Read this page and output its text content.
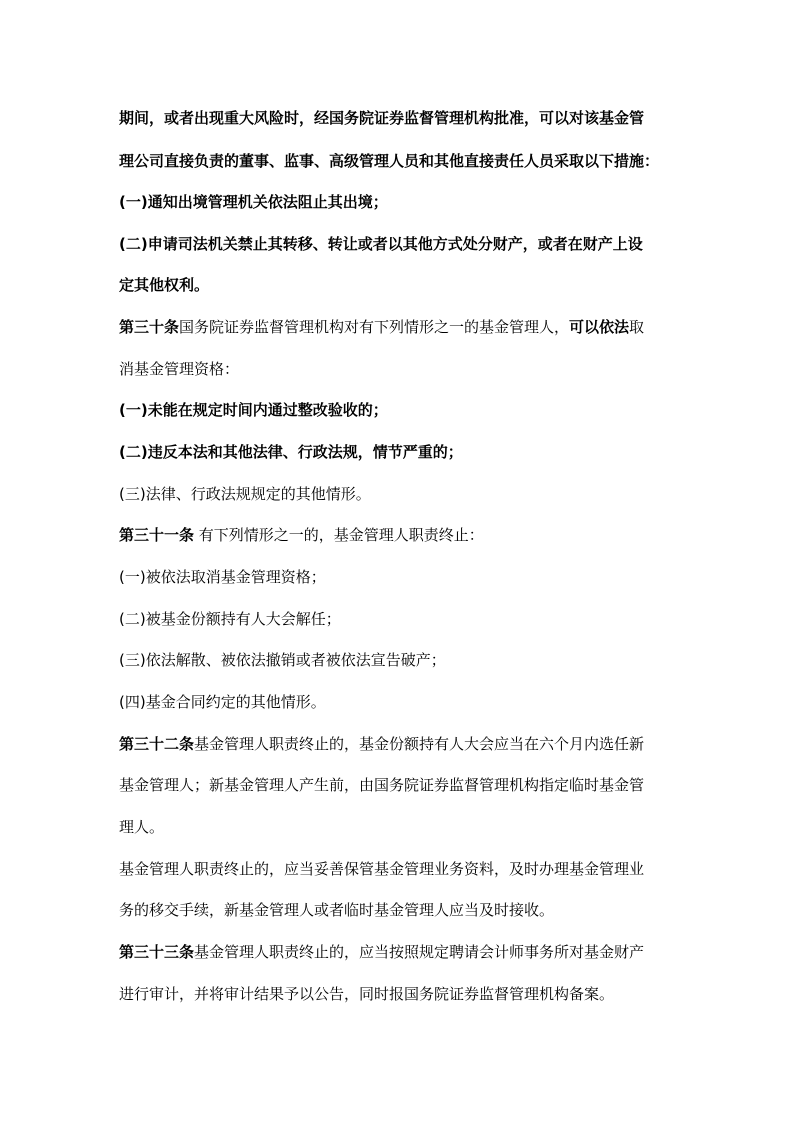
期间，或者出现重大风险时，经国务院证券监督管理机构批准，可以对该基金管
理公司直接负责的董事、监事、高级管理人员和其他直接责任人员采取以下措施：
(一)通知出境管理机关依法阻止其出境；
(二)申请司法机关禁止其转移、转让或者以其他方式处分财产，或者在财产上设
定其他权利。
第三十条国务院证券监督管理机构对有下列情形之一的基金管理人，可以依法取
消基金管理资格：
(一)未能在规定时间内通过整改验收的；
(二)违反本法和其他法律、行政法规，情节严重的；
(三)法律、行政法规规定的其他情形。
第三十一条 有下列情形之一的，基金管理人职责终止：
(一)被依法取消基金管理资格；
(二)被基金份额持有人大会解任；
(三)依法解散、被依法撤销或者被依法宣告破产；
(四)基金合同约定的其他情形。
第三十二条基金管理人职责终止的，基金份额持有人大会应当在六个月内选任新
基金管理人；新基金管理人产生前，由国务院证券监督管理机构指定临时基金管
理人。
基金管理人职责终止的，应当妥善保管基金管理业务资料，及时办理基金管理业
务的移交手续，新基金管理人或者临时基金管理人应当及时接收。
第三十三条基金管理人职责终止的，应当按照规定聘请会计师事务所对基金财产
进行审计，并将审计结果予以公告，同时报国务院证券监督管理机构备案。
